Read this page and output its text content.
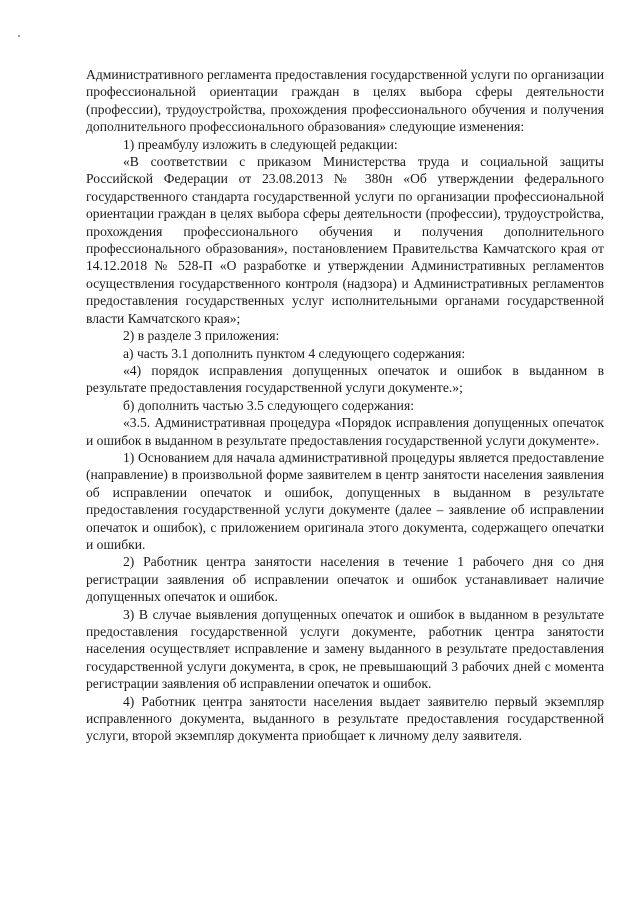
Административного регламента предоставления государственной услуги по организации профессиональной ориентации граждан в целях выбора сферы деятельности (профессии), трудоустройства, прохождения профессионального обучения и получения дополнительного профессионального образования» следующие изменения:

1) преамбулу изложить в следующей редакции:

«В соответствии с приказом Министерства труда и социальной защиты Российской Федерации от 23.08.2013 № 380н «Об утверждении федерального государственного стандарта государственной услуги по организации профессиональной ориентации граждан в целях выбора сферы деятельности (профессии), трудоустройства, прохождения профессионального обучения и получения дополнительного профессионального образования», постановлением Правительства Камчатского края от 14.12.2018 № 528-П «О разработке и утверждении Административных регламентов осуществления государственного контроля (надзора) и Административных регламентов предоставления государственных услуг исполнительными органами государственной власти Камчатского края»;

2) в разделе 3 приложения:

а) часть 3.1 дополнить пунктом 4 следующего содержания:

«4) порядок исправления допущенных опечаток и ошибок в выданном в результате предоставления государственной услуги документе.»;

б) дополнить частью 3.5 следующего содержания:

«3.5. Административная процедура «Порядок исправления допущенных опечаток и ошибок в выданном в результате предоставления государственной услуги документе».

1) Основанием для начала административной процедуры является предоставление (направление) в произвольной форме заявителем в центр занятости населения заявления об исправлении опечаток и ошибок, допущенных в выданном в результате предоставления государственной услуги документе (далее – заявление об исправлении опечаток и ошибок), с приложением оригинала этого документа, содержащего опечатки и ошибки.

2) Работник центра занятости населения в течение 1 рабочего дня со дня регистрации заявления об исправлении опечаток и ошибок устанавливает наличие допущенных опечаток и ошибок.

3) В случае выявления допущенных опечаток и ошибок в выданном в результате предоставления государственной услуги документе, работник центра занятости населения осуществляет исправление и замену выданного в результате предоставления государственной услуги документа, в срок, не превышающий 3 рабочих дней с момента регистрации заявления об исправлении опечаток и ошибок.

4) Работник центра занятости населения выдает заявителю первый экземпляр исправленного документа, выданного в результате предоставления государственной услуги, второй экземпляр документа приобщает к личному делу заявителя.
